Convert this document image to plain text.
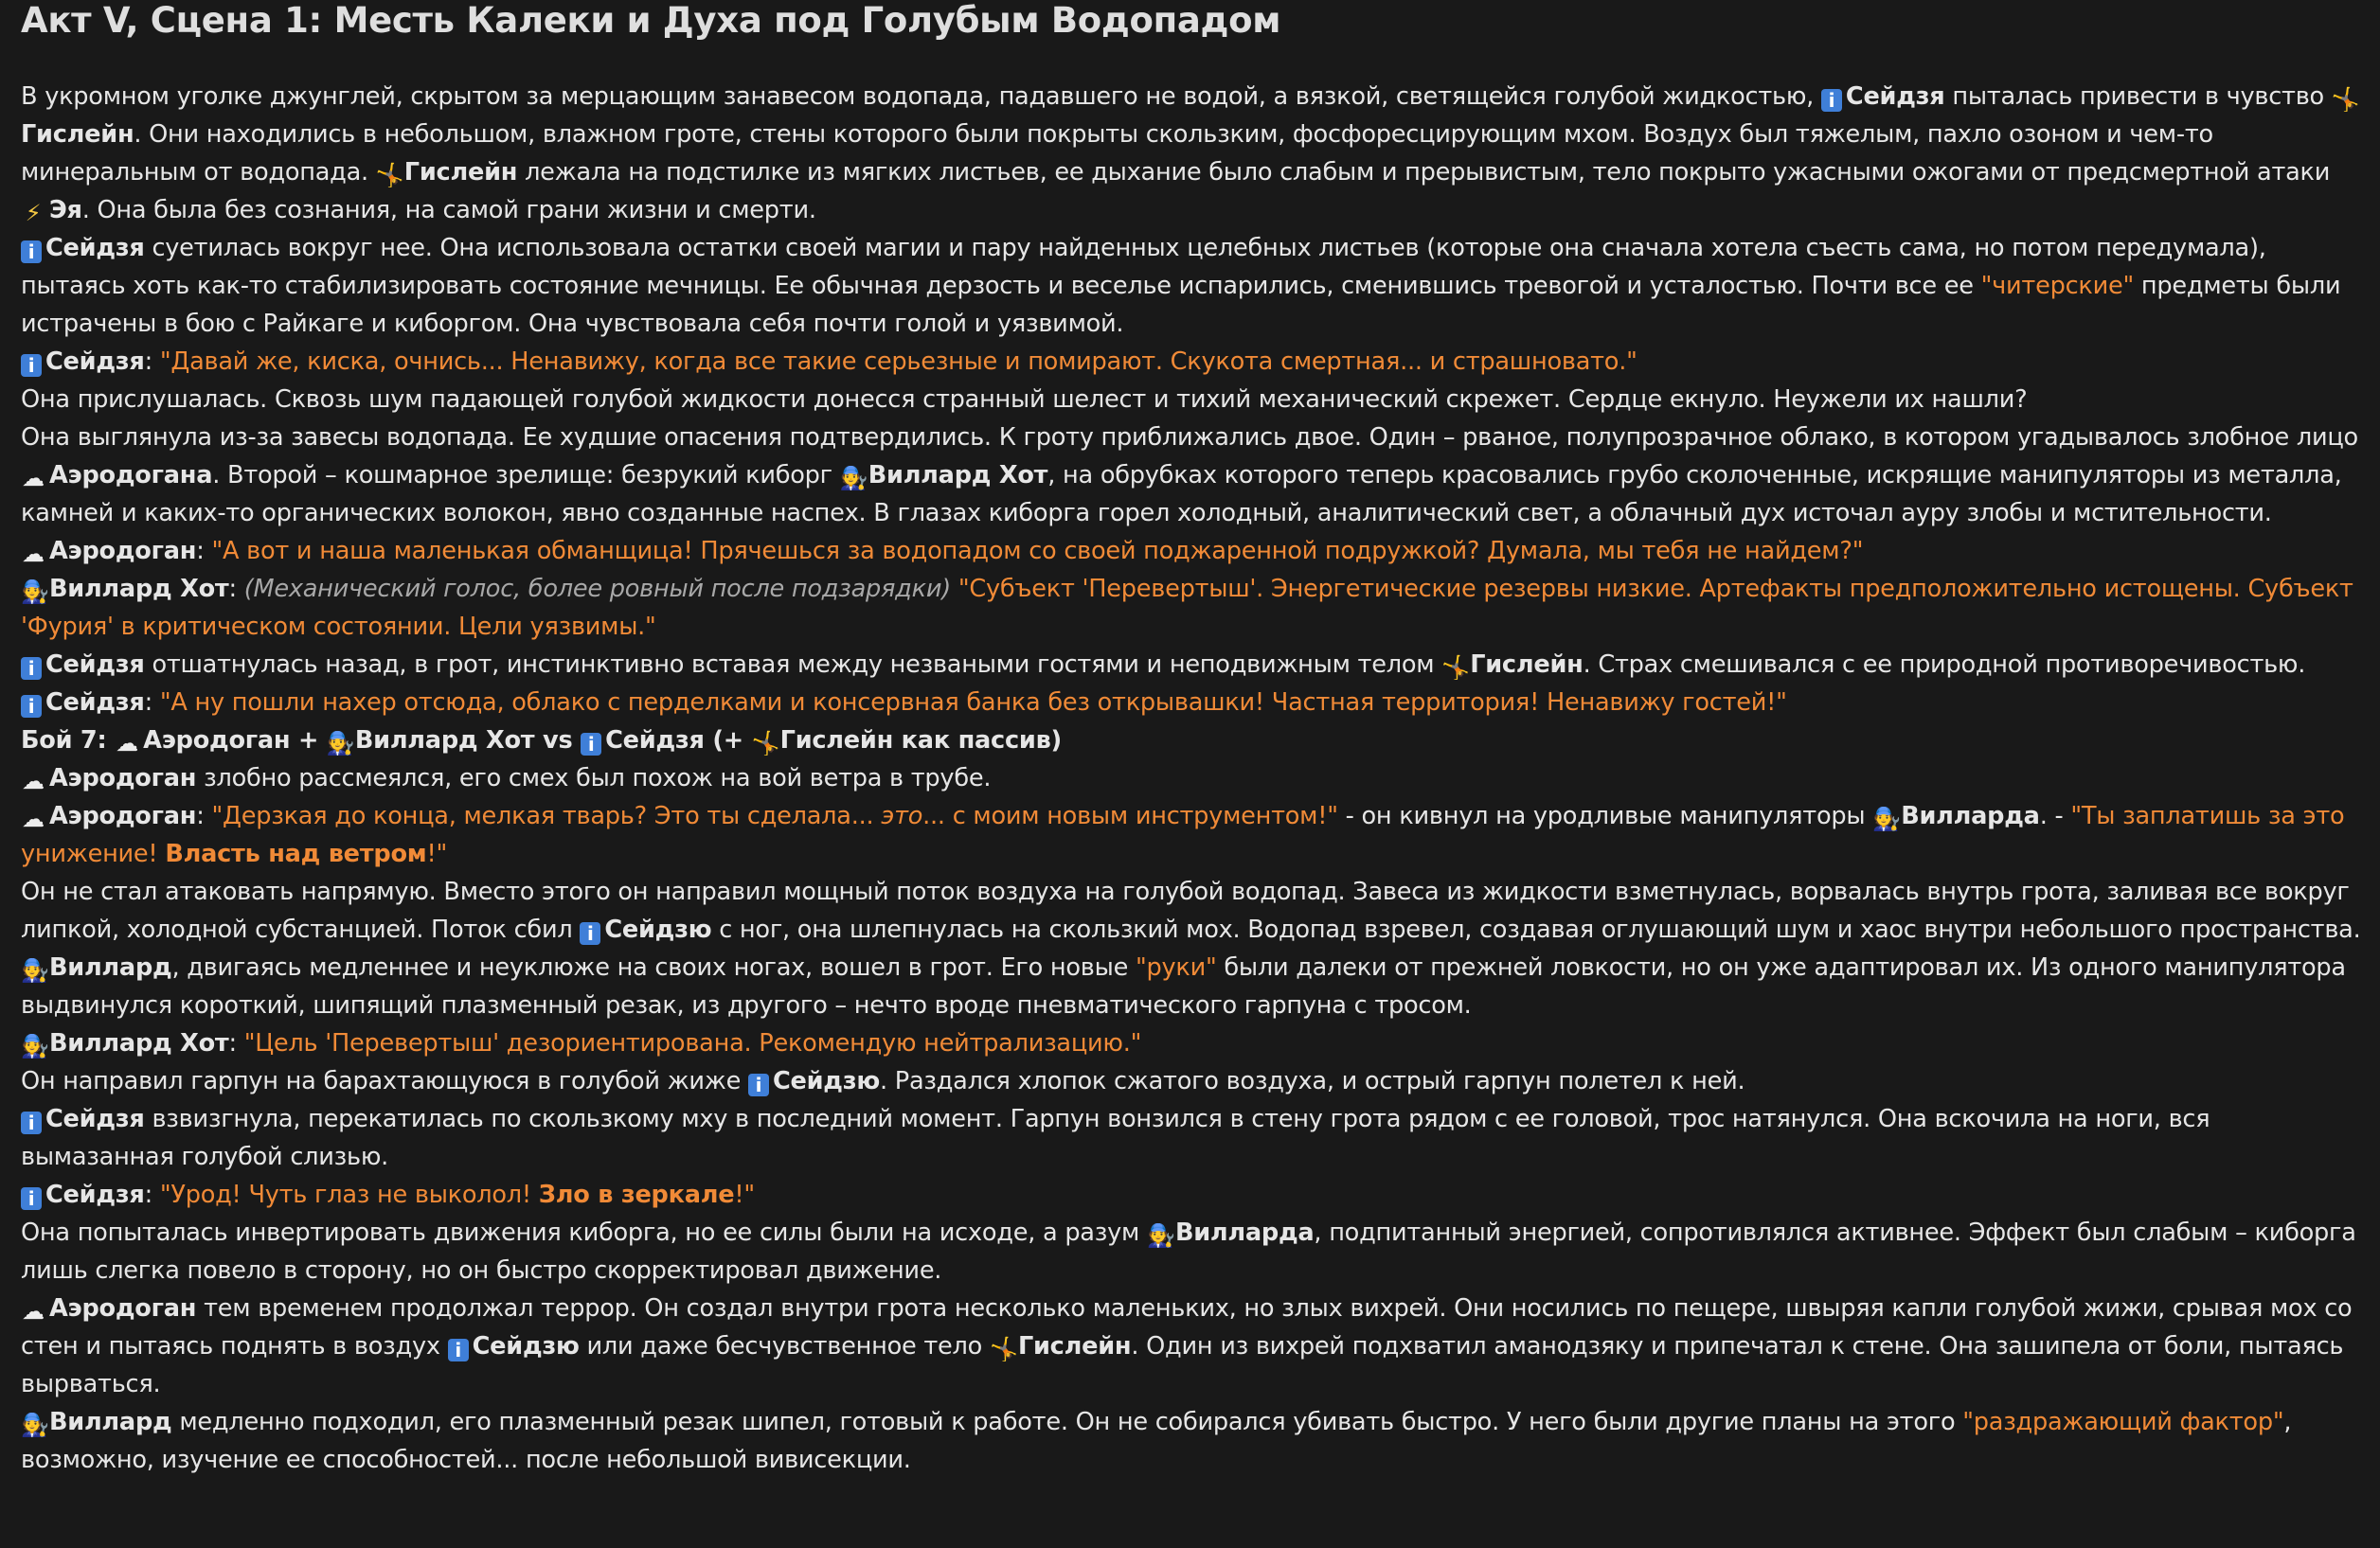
Акт V, Сцена 1: Месть Калеки и Духа под Голубым Водопадом

В укромном уголке джунглей, скрытом за мерцающим занавесом водопада, падавшего не водой, а вязкой, светящейся голубой жидкостью, i Сейдзя пыталась привести в чувство 🤸Гислейн. Они находились в небольшом, влажном гроте, стены которого были покрыты скользким, фосфоресцирующим мхом. Воздух был тяжелым, пахло озоном и чем-то минеральным от водопада. 🤸Гислейн лежала на подстилке из мягких листьев, ее дыхание было слабым и прерывистым, тело покрыто ужасными ожогами от предсмертной атаки ⚡ Эя. Она была без сознания, на самой грани жизни и смерти.

i Сейдзя суетилась вокруг нее. Она использовала остатки своей магии и пару найденных целебных листьев (которые она сначала хотела съесть сама, но потом передумала), пытаясь хоть как-то стабилизировать состояние мечницы. Ее обычная дерзость и веселье испарились, сменившись тревогой и усталостью. Почти все ее "читерские" предметы были истрачены в бою с Райкаге и киборгом. Она чувствовала себя почти голой и уязвимой.

i Сейдзя: "Давай же, киска, очнись... Ненавижу, когда все такие серьезные и помирают. Скукота смертная... и страшновато."

Она прислушалась. Сквозь шум падающей голубой жидкости донесся странный шелест и тихий механический скрежет. Сердце екнуло. Неужели их нашли?

Она выглянула из-за завесы водопада. Ее худшие опасения подтвердились. К гроту приближались двое. Один – рваное, полупрозрачное облако, в котором угадывалось злобное лицо ☁ Аэродогана. Второй – кошмарное зрелище: безрукий киборг 🧑‍🔧Виллард Хот, на обрубках которого теперь красовались грубо сколоченные, искрящие манипуляторы из металла, камней и каких-то органических волокон, явно созданные наспех. В глазах киборга горел холодный, аналитический свет, а облачный дух источал ауру злобы и мстительности.

☁ Аэродоган: "А вот и наша маленькая обманщица! Прячешься за водопадом со своей поджаренной подружкой? Думала, мы тебя не найдем?"

🧑‍🔧Виллард Хот: (Механический голос, более ровный после подзарядки) "Субъект 'Перевертыш'. Энергетические резервы низкие. Артефакты предположительно истощены. Субъект 'Фурия' в критическом состоянии. Цели уязвимы."

i Сейдзя отшатнулась назад, в грот, инстинктивно вставая между незваными гостями и неподвижным телом 🤸Гислейн. Страх смешивался с ее природной противоречивостью.

i Сейдзя: "А ну пошли нахер отсюда, облако с перделками и консервная банка без открывашки! Частная территория! Ненавижу гостей!"

Бой 7: ☁ Аэродоган + 🧑‍🔧Виллард Хот vs i Сейдзя (+ 🤸Гислейн как пассив)

☁ Аэродоган злобно рассмеялся, его смех был похож на вой ветра в трубе.

☁ Аэродоган: "Дерзкая до конца, мелкая тварь? Это ты сделала... это... с моим новым инструментом!" - он кивнул на уродливые манипуляторы 🧑‍🔧Вилларда. - "Ты заплатишь за это унижение! Власть над ветром!"

Он не стал атаковать напрямую. Вместо этого он направил мощный поток воздуха на голубой водопад. Завеса из жидкости взметнулась, ворвалась внутрь грота, заливая все вокруг липкой, холодной субстанцией. Поток сбил i Сейдзю с ног, она шлепнулась на скользкий мох. Водопад взревел, создавая оглушающий шум и хаос внутри небольшого пространства.

🧑‍🔧Виллард, двигаясь медленнее и неуклюже на своих ногах, вошел в грот. Его новые "руки" были далеки от прежней ловкости, но он уже адаптировал их. Из одного манипулятора выдвинулся короткий, шипящий плазменный резак, из другого – нечто вроде пневматического гарпуна с тросом.

🧑‍🔧Виллард Хот: "Цель 'Перевертыш' дезориентирована. Рекомендую нейтрализацию."

Он направил гарпун на барахтающуюся в голубой жиже i Сейдзю. Раздался хлопок сжатого воздуха, и острый гарпун полетел к ней.

i Сейдзя взвизгнула, перекатилась по скользкому мху в последний момент. Гарпун вонзился в стену грота рядом с ее головой, трос натянулся. Она вскочила на ноги, вся вымазанная голубой слизью.

i Сейдзя: "Урод! Чуть глаз не выколол! Зло в зеркале!"

Она попыталась инвертировать движения киборга, но ее силы были на исходе, а разум 🧑‍🔧Вилларда, подпитанный энергией, сопротивлялся активнее. Эффект был слабым – киборга лишь слегка повело в сторону, но он быстро скорректировал движение.

☁ Аэродоган тем временем продолжал террор. Он создал внутри грота несколько маленьких, но злых вихрей. Они носились по пещере, швыряя капли голубой жижи, срывая мох со стен и пытаясь поднять в воздух i Сейдзю или даже бесчувственное тело 🤸Гислейн. Один из вихрей подхватил аманодзяку и припечатал к стене. Она зашипела от боли, пытаясь вырваться.

🧑‍🔧Виллард медленно подходил, его плазменный резак шипел, готовый к работе. Он не собирался убивать быстро. У него были другие планы на этого "раздражающий фактор", возможно, изучение ее способностей... после небольшой вивисекции.
